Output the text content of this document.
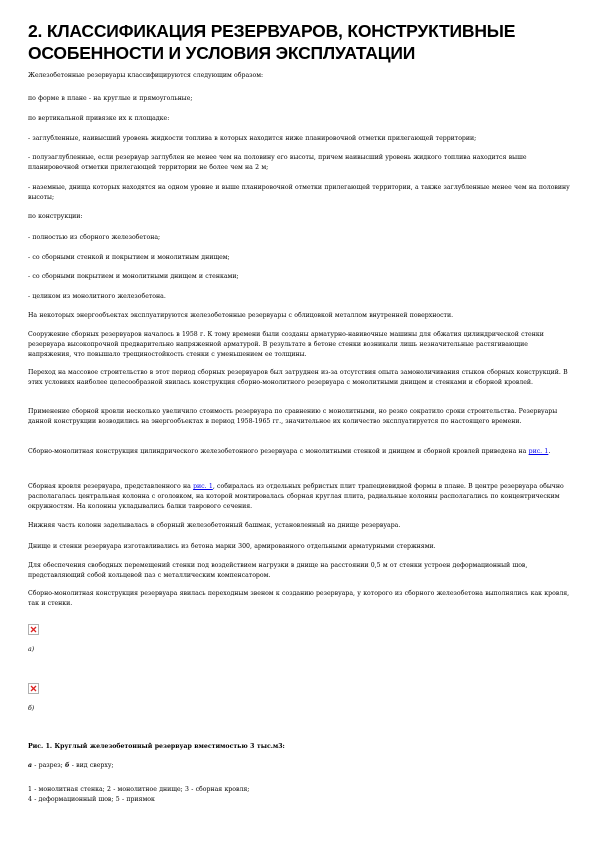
2. КЛАССИФИКАЦИЯ РЕЗЕРВУАРОВ, КОНСТРУКТИВНЫЕ ОСОБЕННОСТИ И УСЛОВИЯ ЭКСПЛУАТАЦИИ
Железобетонные резервуары классифицируются следующим образом:
по форме в плане - на круглые и прямоугольные;
по вертикальной привязке их к площадке:
- заглубленные, наивысший уровень жидкости топлива в которых находится ниже планировочной отметки прилегающей территории;
- полузаглубленные, если резервуар заглублен не менее чем на половину его высоты, причем наивысший уровень жидкого топлива находится выше планировочной отметки прилегающей территории не более чем на 2 м;
- наземные, днища которых находятся на одном уровне и выше планировочной отметки прилегающей территории, а также заглубленные менее чем на половину высоты;
по конструкции:
- полностью из сборного железобетона;
- со сборными стенкой и покрытием и монолитным днищем;
- со сборными покрытием и монолитными днищем и стенками;
- целиком из монолитного железобетона.
На некоторых энергообъектах эксплуатируются железобетонные резервуары с облицовкой металлом внутренней поверхности.
Сооружение сборных резервуаров началось в 1958 г. К тому времени были созданы арматурно-навивочные машины для обжатия цилиндрической стенки резервуара высокопрочной предварительно напряженной арматурой. В результате в бетоне стенки возникали лишь незначительные растягивающие напряжения, что повышало трещиностойкость стенки с уменьшением ее толщины.
Переход на массовое строительство в этот период сборных резервуаров был затруднен из-за отсутствия опыта замоноличивания стыков сборных конструкций. В этих условиях наиболее целесообразной явилась конструкция сборно-монолитного резервуара с монолитными днищем и стенками и сборной кровлей.
Применение сборной кровли несколько увеличило стоимость резервуара по сравнению с монолитными, но резко сократило сроки строительства. Резервуары данной конструкции возводились на энергообъектах в период 1958-1965 гг., значительное их количество эксплуатируется по настоящего времени.
Сборно-монолитная конструкция цилиндрического железобетонного резервуара с монолитными стенкой и днищем и сборной кровлей приведена на рис. 1.
Сборная кровля резервуара, представленного на рис. 1, собиралась из отдельных ребристых плит трапециевидной формы в плане. В центре резервуара обычно располагалась центральная колонна с оголовком, на которой монтировалась сборная круглая плита, радиальные колонны располагались по концентрическим окружностям. На колонны укладывались балки таврового сечения.
Нижняя часть колонн заделывалась в сборный железобетонный башмак, установленный на днище резервуара.
Днище и стенки резервуара изготавливались из бетона марки 300, армированного отдельными арматурными стержнями.
Для обеспечения свободных перемещений стенки под воздействием нагрузки в днище на расстоянии 0,5 м от стенки устроен деформационный шов, представляющий собой кольцевой паз с металлическим компенсатором.
Сборно-монолитная конструкция резервуара явилась переходным звеном к созданию резервуара, у которого из сборного железобетона выполнялись как кровля, так и стенки.
а)
б)
Рис. 1. Круглый железобетонный резервуар вместимостью 3 тыс.м3:
а - разрез; б - вид сверху;
1 - монолитная стенка; 2 - монолитное днище; 3 - сборная кровля;
4 - деформационный шов; 5 - приямок
